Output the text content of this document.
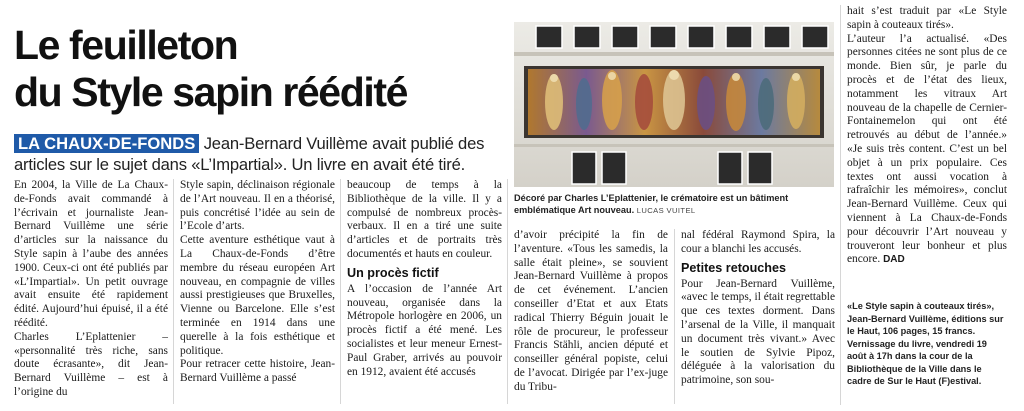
Le feuilleton
du Style sapin réédité
LA CHAUX-DE-FONDS Jean-Bernard Vuillème avait publié des articles sur le sujet dans «L’Impartial». Un livre en avait été tiré.
Décoré par Charles L’Eplattenier, le crématoire est un bâtiment emblématique Art nouveau. LUCAS VUITEL

En 2004, la Ville de La Chaux-de-Fonds avait commandé à l’écrivain et journaliste Jean-Bernard Vuillème une série d’articles sur la naissance du Style sapin à l’aube des années 1900. Ceux-ci ont été publiés par «L’Impartial». Un petit ouvrage avait ensuite été rapidement édité. Aujourd’hui épuisé, il a été réédité.

Charles L’Eplattenier – «personnalité très riche, sans doute écrasante», dit Jean-Bernard Vuillème – est à l’origine du

Style sapin, déclinaison régionale de l’Art nouveau. Il en a théorisé, puis concrétisé l’idée au sein de l’Ecole d’arts.

Cette aventure esthétique vaut à La Chaux-de-Fonds d’être membre du réseau européen Art nouveau, en compagnie de villes aussi prestigieuses que Bruxelles, Vienne ou Barcelone. Elle s’est terminée en 1914 dans une querelle à la fois esthétique et politique.

Pour retracer cette histoire, Jean-Bernard Vuillème a passé

beaucoup de temps à la Bibliothèque de la ville. Il y a compulsé de nombreux procès-verbaux. Il en a tiré une suite d’articles et de portraits très documentés et hauts en couleur.

Un procès fictif

A l’occasion de l’année Art nouveau, organisée dans la Métropole horlogère en 2006, un procès fictif a été mené. Les socialistes et leur meneur Ernest-Paul Graber, arrivés au pouvoir en 1912, avaient été accusés

d’avoir précipité la fin de l’aventure. «Tous les samedis, la salle était pleine», se souvient Jean-Bernard Vuillème à propos de cet événement. L’ancien conseiller d’Etat et aux Etats radical Thierry Béguin jouait le rôle de procureur, le professeur Francis Stähli, ancien député et conseiller général popiste, celui de l’avocat. Dirigée par l’ex-juge du Tribu-

nal fédéral Raymond Spira, la cour a blanchi les accusés.

Petites retouches

Pour Jean-Bernard Vuillème, «avec le temps, il était regrettable que ces textes dorment. Dans l’arsenal de la Ville, il manquait un document très vivant.» Avec le soutien de Sylvie Pipoz, déléguée à la valorisation du patrimoine, son sou-

hait s’est traduit par «Le Style sapin à couteaux tirés».

L’auteur l’a actualisé. «Des personnes citées ne sont plus de ce monde. Bien sûr, je parle du procès et de l’état des lieux, notamment les vitraux Art nouveau de la chapelle de Cernier-Fontainemelon qui ont été retrouvés au début de l’année.» «Je suis très content. C’est un bel objet à un prix populaire. Ces textes ont aussi vocation à rafraîchir les mémoires», conclut Jean-Bernard Vuillème. Ceux qui viennent à La Chaux-de-Fonds pour découvrir l’Art nouveau y trouveront leur bonheur et plus encore. DAD

«Le Style sapin à couteaux tirés», Jean-Bernard Vuillème, éditions sur le Haut, 106 pages, 15 francs.

Vernissage du livre, vendredi 19 août à 17h dans la cour de la Bibliothèque de la Ville dans le cadre de Sur le Haut (F)estival.
